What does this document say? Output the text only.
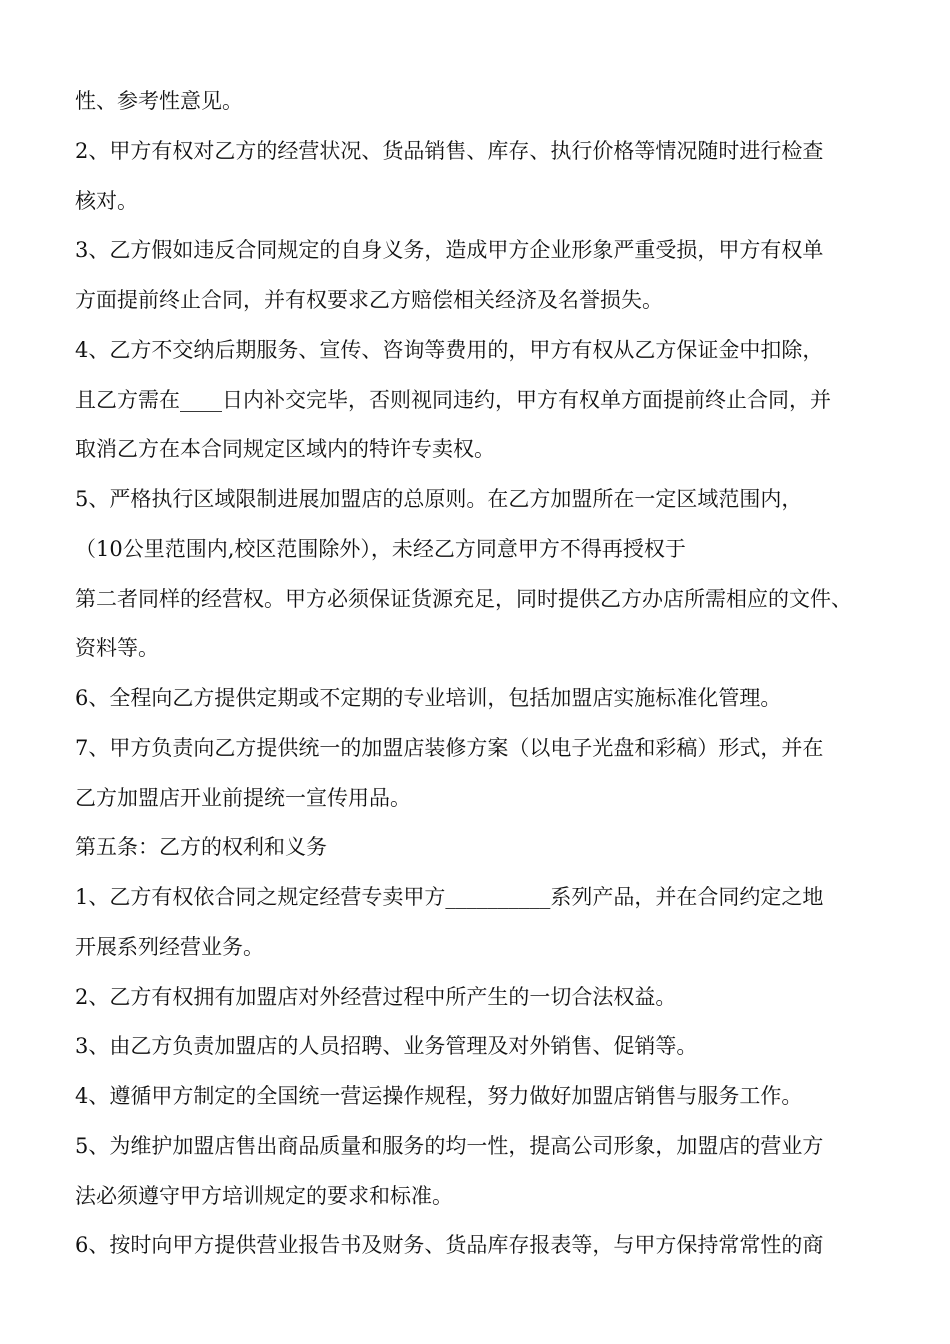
性、参考性意见。
2、甲方有权对乙方的经营状况、货品销售、库存、执行价格等情况随时进行检查
核对。
3、乙方假如违反合同规定的自身义务，造成甲方企业形象严重受损，甲方有权单
方面提前终止合同，并有权要求乙方赔偿相关经济及名誉损失。
4、乙方不交纳后期服务、宣传、咨询等费用的，甲方有权从乙方保证金中扣除，
且乙方需在____日内补交完毕，否则视同违约，甲方有权单方面提前终止合同，并
取消乙方在本合同规定区域内的特许专卖权。
5、严格执行区域限制进展加盟店的总原则。在乙方加盟所在一定区域范围内，
（10公里范围内,校区范围除外），未经乙方同意甲方不得再授权于
第二者同样的经营权。甲方必须保证货源充足，同时提供乙方办店所需相应的文件、
资料等。
6、全程向乙方提供定期或不定期的专业培训，包括加盟店实施标准化管理。
7、甲方负责向乙方提供统一的加盟店装修方案（以电子光盘和彩稿）形式，并在
乙方加盟店开业前提统一宣传用品。
第五条：乙方的权利和义务
1、乙方有权依合同之规定经营专卖甲方__________系列产品，并在合同约定之地
开展系列经营业务。
2、乙方有权拥有加盟店对外经营过程中所产生的一切合法权益。
3、由乙方负责加盟店的人员招聘、业务管理及对外销售、促销等。
4、遵循甲方制定的全国统一营运操作规程，努力做好加盟店销售与服务工作。
5、为维护加盟店售出商品质量和服务的均一性，提高公司形象，加盟店的营业方
法必须遵守甲方培训规定的要求和标准。
6、按时向甲方提供营业报告书及财务、货品库存报表等，与甲方保持常常性的商
